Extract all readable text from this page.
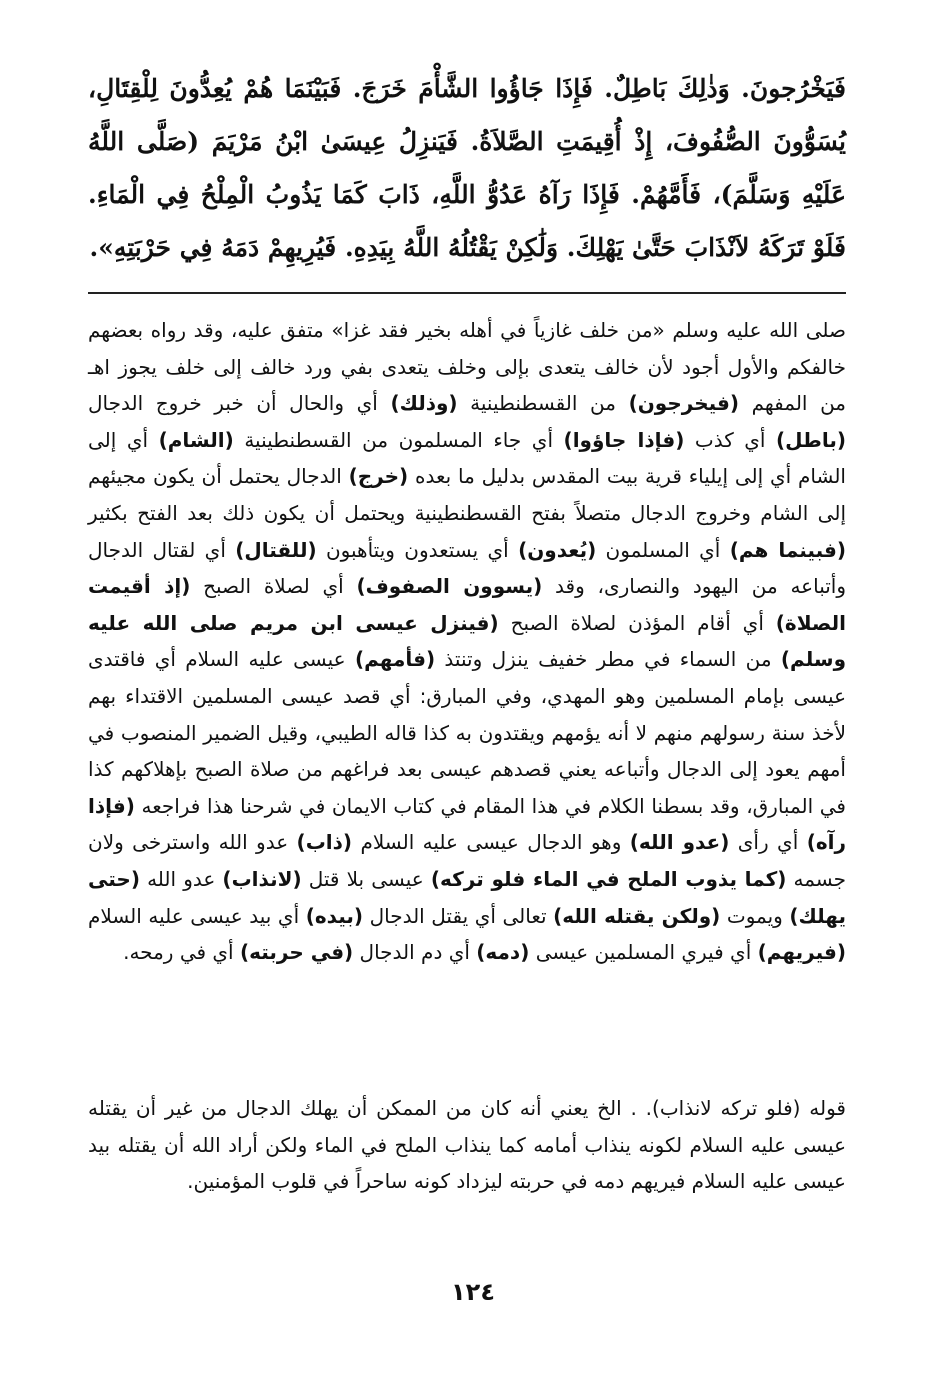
فَيَخْرُجونَ. وَذٰلِكَ بَاطِلٌ. فَإِذَا جَاؤُوا الشَّأْمَ خَرَجَ. فَبَيْنَمَا هُمْ يُعِدُّونَ لِلْقِتَالِ، يُسَوُّونَ الصُّفُوفَ، إِذْ أُقِيمَتِ الصَّلاَةُ. فَيَنزِلُ عِيسَىٰ ابْنُ مَرْيَمَ (صَلَّى اللَّهُ عَلَيْهِ وَسَلَّمَ)، فَأَمَّهُمْ. فَإِذَا رَآهُ عَدُوُّ اللَّهِ، ذَابَ كَمَا يَذُوبُ الْمِلْحُ فِي الْمَاءِ. فَلَوْ تَرَكَهُ لاَنْذَابَ حَتَّىٰ يَهْلِكَ. وَلَٰكِنْ يَقْتُلُهُ اللَّهُ بِيَدِهِ. فَيُرِيهِمْ دَمَهُ فِي حَرْبَتِهِ».

صلى الله عليه وسلم «من خلف غازياً في أهله بخير فقد غزا» متفق عليه، وقد رواه بعضهم خالفكم والأول أجود لأن خالف يتعدى بإلى وخلف يتعدى بفي ورد خالف إلى خلف يجوز اهـ من المفهم (فيخرجون) من القسطنطينية (وذلك) أي والحال أن خبر خروج الدجال (باطل) أي كذب (فإذا جاؤوا) أي جاء المسلمون من القسطنطينية (الشام) أي إلى الشام أي إلى إيلياء قرية بيت المقدس بدليل ما بعده (خرج) الدجال يحتمل أن يكون مجيئهم إلى الشام وخروج الدجال متصلاً بفتح القسطنطينية ويحتمل أن يكون ذلك بعد الفتح بكثير (فبينما هم) أي المسلمون (يُعدون) أي يستعدون ويتأهبون (للقتال) أي لقتال الدجال وأتباعه من اليهود والنصارى، وقد (يسوون الصفوف) أي لصلاة الصبح (إذ أقيمت الصلاة) أي أقام المؤذن لصلاة الصبح (فينزل عيسى ابن مريم صلى الله عليه وسلم) من السماء في مطر خفيف ينزل وتنتذ (فأمهم) عيسى عليه السلام أي فاقتدى عيسى بإمام المسلمين وهو المهدي، وفي المبارق: أي قصد عيسى المسلمين الاقتداء بهم لأخذ سنة رسولهم منهم لا أنه يؤمهم ويقتدون به كذا قاله الطيبي، وقيل الضمير المنصوب في أمهم يعود إلى الدجال وأتباعه يعني قصدهم عيسى بعد فراغهم من صلاة الصبح بإهلاكهم كذا في المبارق، وقد بسطنا الكلام في هذا المقام في كتاب الايمان في شرحنا هذا فراجعه (فإذا رآه) أي رأى (عدو الله) وهو الدجال عيسى عليه السلام (ذاب) عدو الله واسترخى ولان جسمه (كما يذوب الملح في الماء فلو تركه) عيسى بلا قتل (لانذاب) عدو الله (حتى يهلك) ويموت (ولكن يقتله الله) تعالى أي يقتل الدجال (بيده) أي بيد عيسى عليه السلام (فيريهم) أي فيري المسلمين عيسى (دمه) أي دم الدجال (في حربته) أي في رمحه.

قوله (فلو تركه لانذاب). . الخ يعني أنه كان من الممكن أن يهلك الدجال من غير أن يقتله عيسى عليه السلام لكونه ينذاب أمامه كما ينذاب الملح في الماء ولكن أراد الله أن يقتله بيد عيسى عليه السلام فيريهم دمه في حربته ليزداد كونه ساحراً في قلوب المؤمنين.

١٢٤
